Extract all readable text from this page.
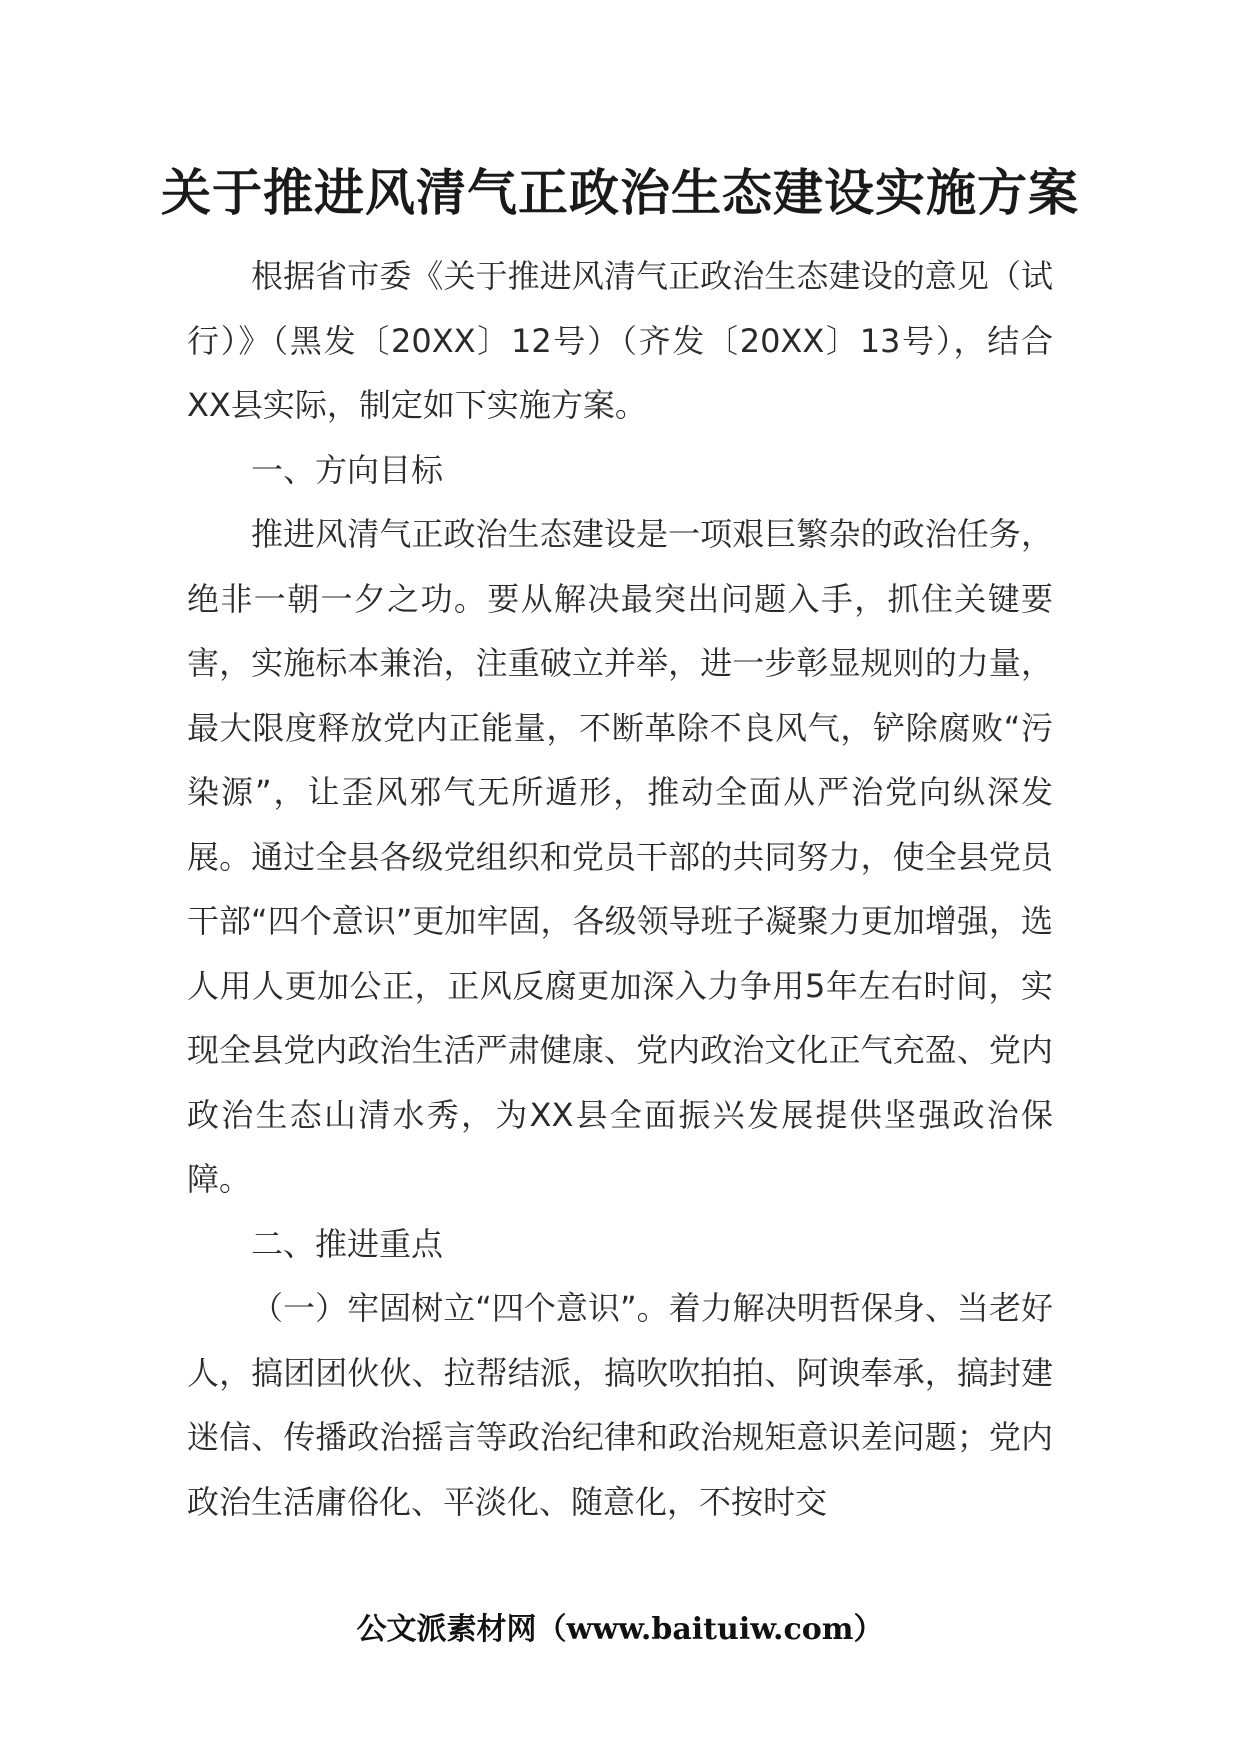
关于推进风清气正政治生态建设实施方案

根据省市委《关于推进风清气正政治生态建设的意见（试行）》（黑发〔20XX〕12号）（齐发〔20XX〕13号），结合XX县实际，制定如下实施方案。

一、方向目标

推进风清气正政治生态建设是一项艰巨繁杂的政治任务，绝非一朝一夕之功。要从解决最突出问题入手，抓住关键要害，实施标本兼治，注重破立并举，进一步彰显规则的力量，最大限度释放党内正能量，不断革除不良风气，铲除腐败“污染源”，让歪风邪气无所遁形，推动全面从严治党向纵深发展。通过全县各级党组织和党员干部的共同努力，使全县党员干部“四个意识”更加牢固，各级领导班子凝聚力更加增强，选人用人更加公正，正风反腐更加深入力争用5年左右时间，实现全县党内政治生活严肃健康、党内政治文化正气充盈、党内政治生态山清水秀，为XX县全面振兴发展提供坚强政治保障。

二、推进重点

（一）牢固树立“四个意识”。着力解决明哲保身、当老好人，搞团团伙伙、拉帮结派，搞吹吹拍拍、阿谀奉承，搞封建迷信、传播政治摇言等政治纪律和政治规矩意识差问题；党内政治生活庸俗化、平淡化、随意化，不按时交

公文派素材网（www.baituiw.com）
